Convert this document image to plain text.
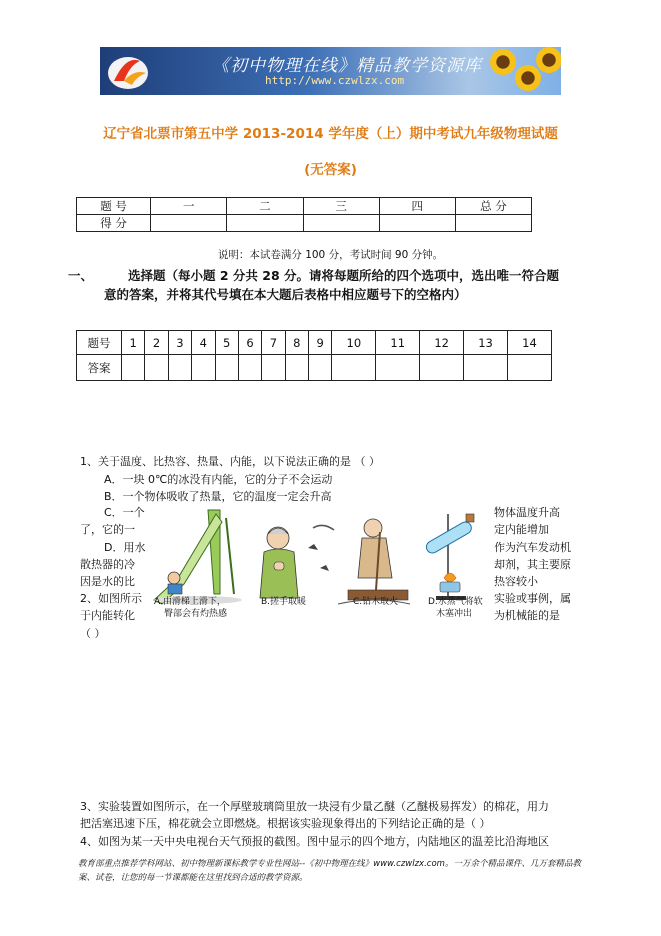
《初中物理在线》精品教学资源库
http://www.czwlzx.com
辽宁省北票市第五中学 2013-2014 学年度（上）期中考试九年级物理试题
(无答案)
题 号	一	二	三	四	总 分
得 分					
说明：本试卷满分 100 分，考试时间 90 分钟。
一、	选择题（每小题 2 分共 28 分。请将每题所给的四个选项中，选出唯一符合题
意的答案，并将其代号填在本大题后表格中相应题号下的空格内）
题号	1	2	3	4	5	6	7	8	9	10	11	12	13	14
答案														
1、关于温度、比热容、热量、内能，以下说法正确的是 （ ）
A．一块 0℃的冰没有内能，它的分子不会运动
B．一个物体吸收了热量，它的温度一定会升高
C．一个	物体温度升高
了，它的一	定内能增加
D．用水	作为汽车发动机
散热器的冷	却剂，其主要原
因是水的比	热容较小
2、如图所示	实验或事例，属
于内能转化	为机械能的是
（ ）
A.由滑梯上滑下，
臀部会有灼热感
B.搓手取暖	C.钻木取火	D.水蒸气将软
木塞冲出
3、实验装置如图所示，在一个厚壁玻璃筒里放一块浸有少量乙醚（乙醚极易挥发）的棉花，用力
把活塞迅速下压，棉花就会立即燃烧。根据该实验现象得出的下列结论正确的是（ ）
4、如图为某一天中央电视台天气预报的截图。图中显示的四个地方，内陆地区的温差比沿海地区
教育部重点推荐学科网站、初中物理新课标教学专业性网站--《初中物理在线》www.czwlzx.com。一万余个精品课件、几万套精品教案、试卷，让您的每一节课都能在这里找到合适的教学资源。
